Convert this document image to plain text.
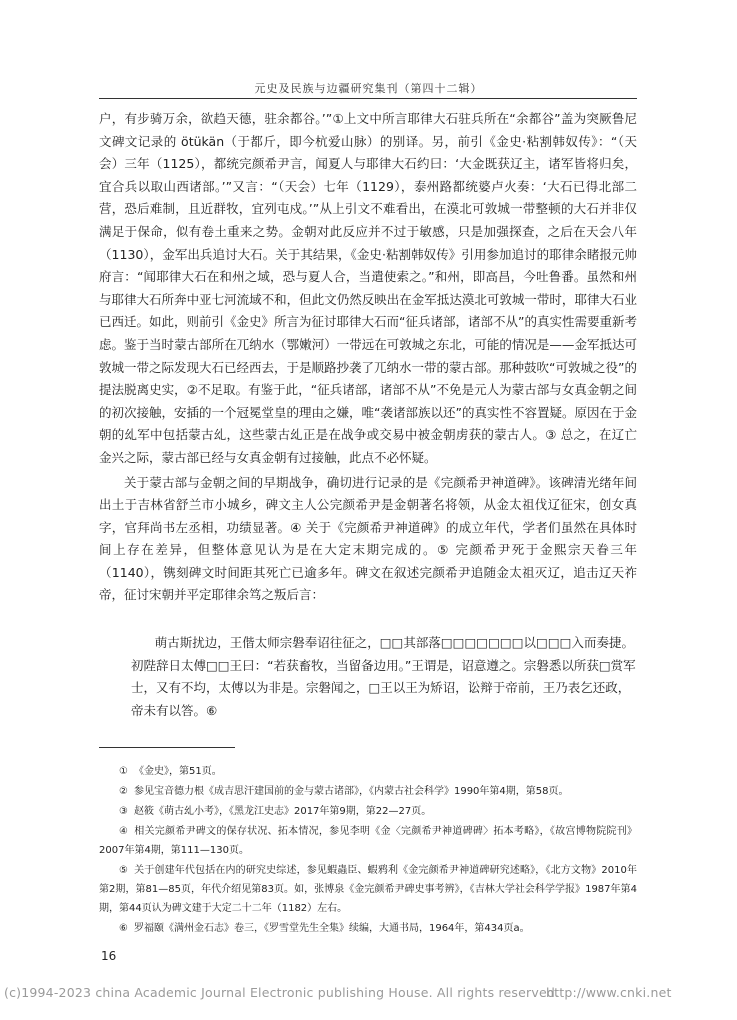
元史及民族与边疆研究集刊（第四十二辑）

户，有步骑万余，欲趋天德，驻余都谷。’”①上文中所言耶律大石驻兵所在“余都谷”盖为突厥鲁尼文碑文记录的 ötükän（于都斤，即今杭爱山脉）的别译。另，前引《金史·粘割韩奴传》：“（天会）三年（1125），都统完颜希尹言，闻夏人与耶律大石约曰：‘大金既获辽主，诸军皆将归矣，宜合兵以取山西诸部。’”又言：“（天会）七年（1129），泰州路都统婆卢火奏：‘大石已得北部二营，恐后难制，且近群牧，宜列屯戍。’”从上引文不难看出，在漠北可敦城一带整顿的大石并非仅满足于保命，似有卷土重来之势。金朝对此反应并不过于敏感，只是加强探查，之后在天会八年（1130），金军出兵追讨大石。关于其结果，《金史·粘割韩奴传》引用参加追讨的耶律余睹报元帅府言：“闻耶律大石在和州之域，恐与夏人合，当遣使索之。”和州，即高昌，今吐鲁番。虽然和州与耶律大石所奔中亚七河流域不和，但此文仍然反映出在金军抵达漠北可敦城一带时，耶律大石业已西迁。如此，则前引《金史》所言为征讨耶律大石而“征兵诸部，诸部不从”的真实性需要重新考虑。鉴于当时蒙古部所在兀纳水（鄂嫩河）一带远在可敦城之东北，可能的情况是——金军抵达可敦城一带之际发现大石已经西去，于是顺路抄袭了兀纳水一带的蒙古部。那种鼓吹“可敦城之役”的提法脱离史实，②不足取。有鉴于此，“征兵诸部，诸部不从”不免是元人为蒙古部与女真金朝之间的初次接触，安插的一个冠冕堂皇的理由之嫌，唯“袭诸部族以还”的真实性不容置疑。原因在于金朝的乣军中包括蒙古乣，这些蒙古乣正是在战争或交易中被金朝虏获的蒙古人。③ 总之，在辽亡金兴之际，蒙古部已经与女真金朝有过接触，此点不必怀疑。

关于蒙古部与金朝之间的早期战争，确切进行记录的是《完颜希尹神道碑》。该碑清光绪年间出土于吉林省舒兰市小城乡，碑文主人公完颜希尹是金朝著名将领，从金太祖伐辽征宋，创女真字，官拜尚书左丞相，功绩显著。④ 关于《完颜希尹神道碑》的成立年代，学者们虽然在具体时间上存在差异，但整体意见认为是在大定末期完成的。⑤ 完颜希尹死于金熙宗天眷三年（1140），镌刻碑文时间距其死亡已逾多年。碑文在叙述完颜希尹追随金太祖灭辽，追击辽天祚帝，征讨宋朝并平定耶律余笃之叛后言：

萌古斯扰边，王偕太师宗磐奉诏往征之，□□其部落□□□□□□□以□□□入而奏捷。初陛辞日太傅□□王曰：“若获畜牧，当留备边用。”王谓是，诏意遵之。宗磐悉以所获□赏军士，又有不均，太傅以为非是。宗磐闻之，□王以王为矫诏，讼辩于帝前，王乃表乞还政，帝未有以答。⑥

① 《金史》，第51页。

② 参见宝音德力根《成吉思汗建国前的金与蒙古诸部》，《内蒙古社会科学》1990年第4期，第58页。

③ 赵筱《萌古乣小考》，《黑龙江史志》2017年第9期，第22—27页。

④ 相关完颜希尹碑文的保存状况、拓本情况，参见李明《金〈完颜希尹神道碑碑〉拓本考略》，《故宫博物院院刊》2007年第4期，第111—130页。

⑤ 关于创建年代包括在内的研究史综述，参见蝦蟲臣、蝦鸦利《金完颜希尹神道碑研究述略》，《北方文物》2010年第2期，第81—85页，年代介绍见第83页。如，张博泉《金完颜希尹碑史事考辨》，《吉林大学社会科学学报》1987年第4期，第44页认为碑文建于大定二十二年（1182）左右。

⑥ 罗福颐《满州金石志》卷三，《罗雪堂先生全集》续编，大通书局，1964年，第434页a。

16
(c)1994-2023 china Academic Journal Electronic publishing House. All rights reserved.
http://www.cnki.net
